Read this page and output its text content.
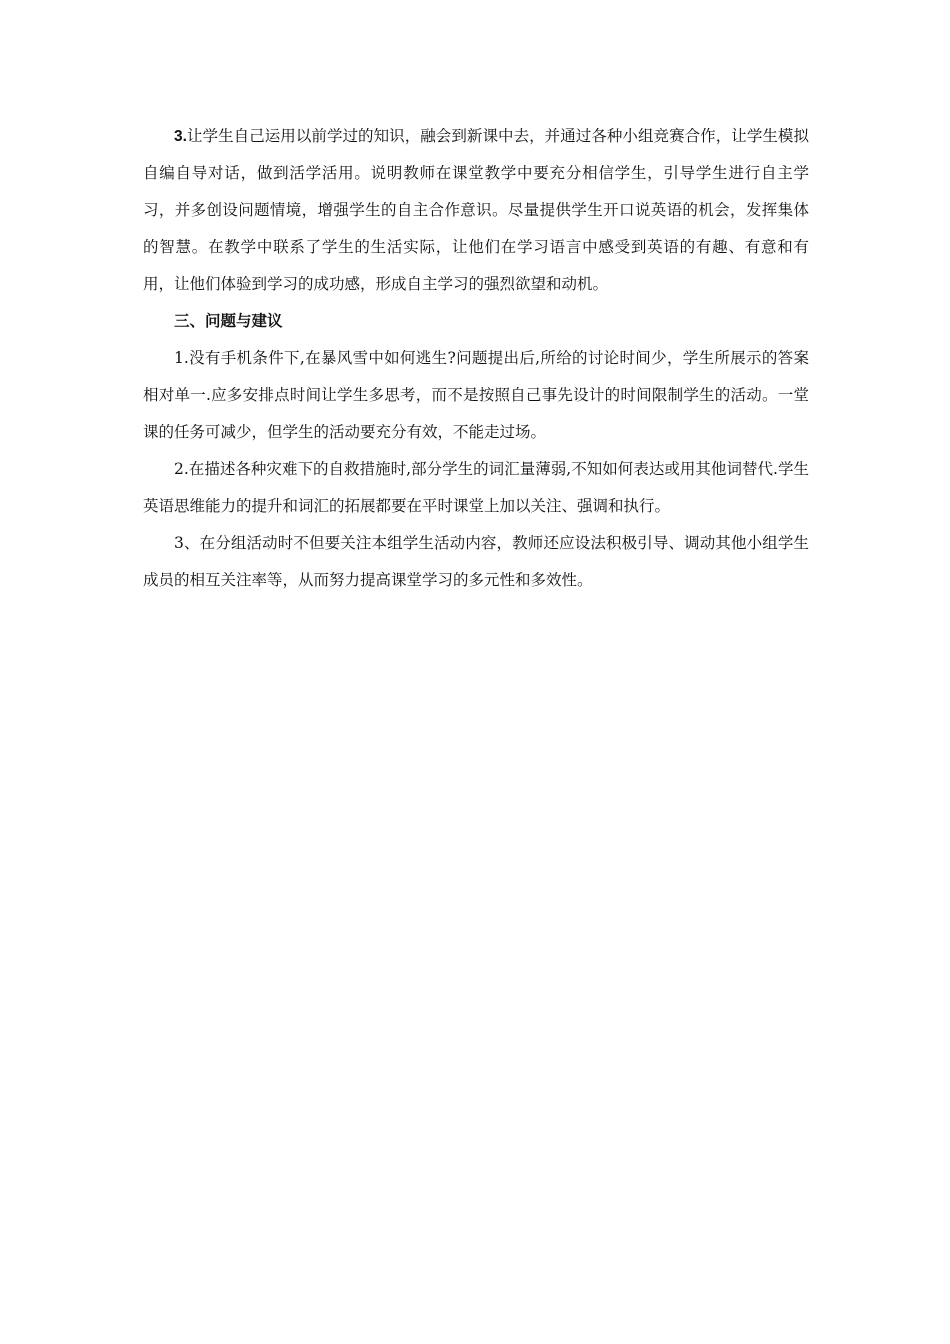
3.让学生自己运用以前学过的知识，融会到新课中去，并通过各种小组竞赛合作，让学生模拟自编自导对话，做到活学活用。说明教师在课堂教学中要充分相信学生，引导学生进行自主学习，并多创设问题情境，增强学生的自主合作意识。尽量提供学生开口说英语的机会，发挥集体的智慧。在教学中联系了学生的生活实际，让他们在学习语言中感受到英语的有趣、有意和有用，让他们体验到学习的成功感，形成自主学习的强烈欲望和动机。

三、问题与建议

1.没有手机条件下,在暴风雪中如何逃生?问题提出后,所给的讨论时间少，学生所展示的答案相对单一.应多安排点时间让学生多思考，而不是按照自己事先设计的时间限制学生的活动。一堂课的任务可减少，但学生的活动要充分有效，不能走过场。

2.在描述各种灾难下的自救措施时,部分学生的词汇量薄弱,不知如何表达或用其他词替代.学生英语思维能力的提升和词汇的拓展都要在平时课堂上加以关注、强调和执行。

3、在分组活动时不但要关注本组学生活动内容，教师还应设法积极引导、调动其他小组学生成员的相互关注率等，从而努力提高课堂学习的多元性和多效性。
